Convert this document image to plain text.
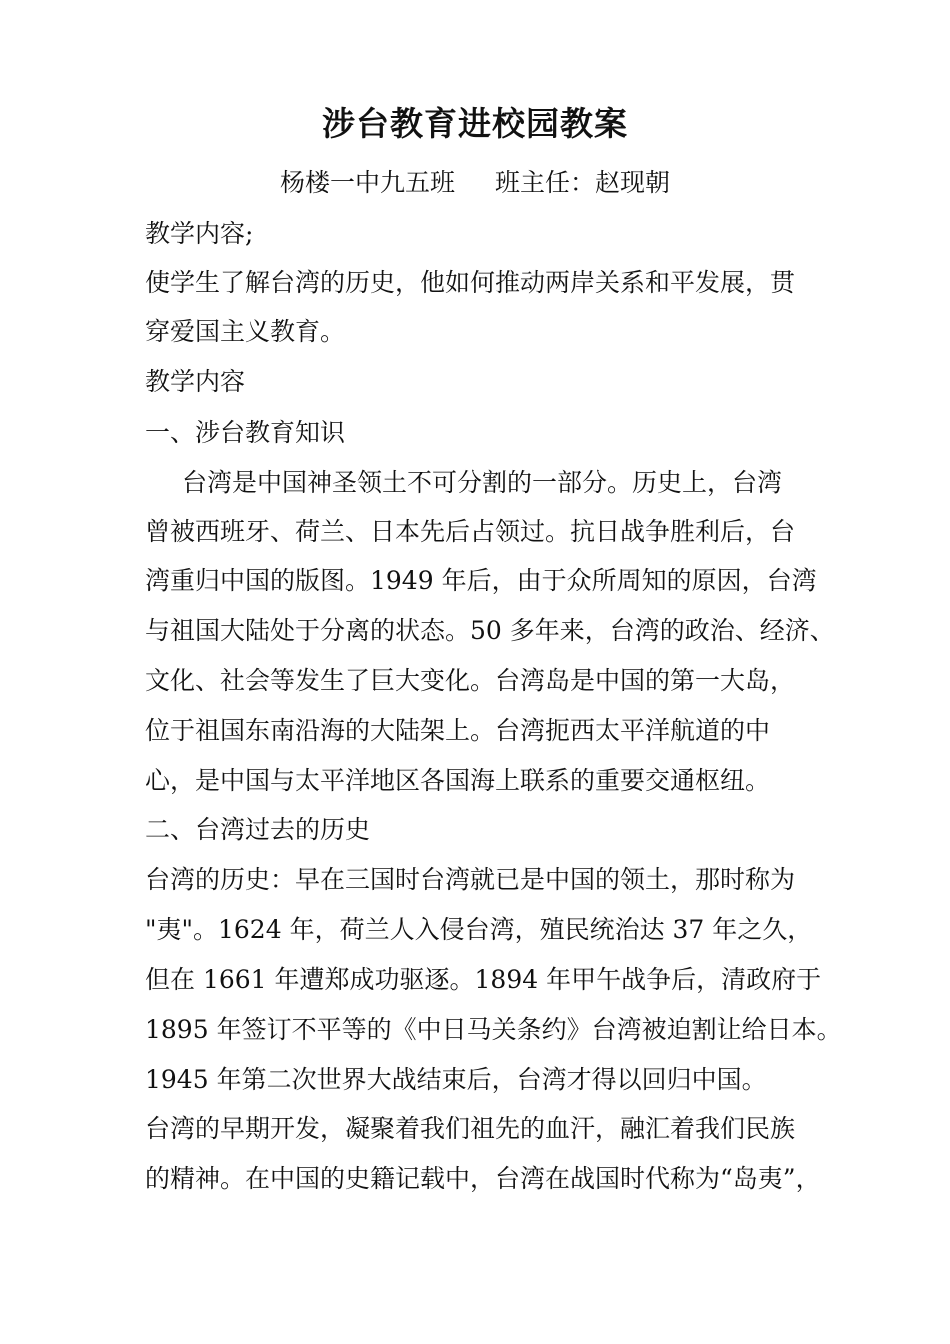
涉台教育进校园教案
杨楼一中九五班 班主任：赵现朝

教学内容;

使学生了解台湾的历史，他如何推动两岸关系和平发展，贯

穿爱国主义教育。

教学内容

一、涉台教育知识

台湾是中国神圣领土不可分割的一部分。历史上，台湾

曾被西班牙、荷兰、日本先后占领过。抗日战争胜利后，台

湾重归中国的版图。1949 年后，由于众所周知的原因，台湾

与祖国大陆处于分离的状态。50 多年来，台湾的政治、经济、

文化、社会等发生了巨大变化。台湾岛是中国的第一大岛，

位于祖国东南沿海的大陆架上。台湾扼西太平洋航道的中

心，是中国与太平洋地区各国海上联系的重要交通枢纽。

二、台湾过去的历史

台湾的历史：早在三国时台湾就已是中国的领土，那时称为

"夷"。1624 年，荷兰人入侵台湾，殖民统治达 37 年之久，

但在 1661 年遭郑成功驱逐。1894 年甲午战争后，清政府于

1895 年签订不平等的《中日马关条约》台湾被迫割让给日本。

1945 年第二次世界大战结束后，台湾才得以回归中国。

台湾的早期开发，凝聚着我们祖先的血汗，融汇着我们民族

的精神。在中国的史籍记载中，台湾在战国时代称为“岛夷”，
